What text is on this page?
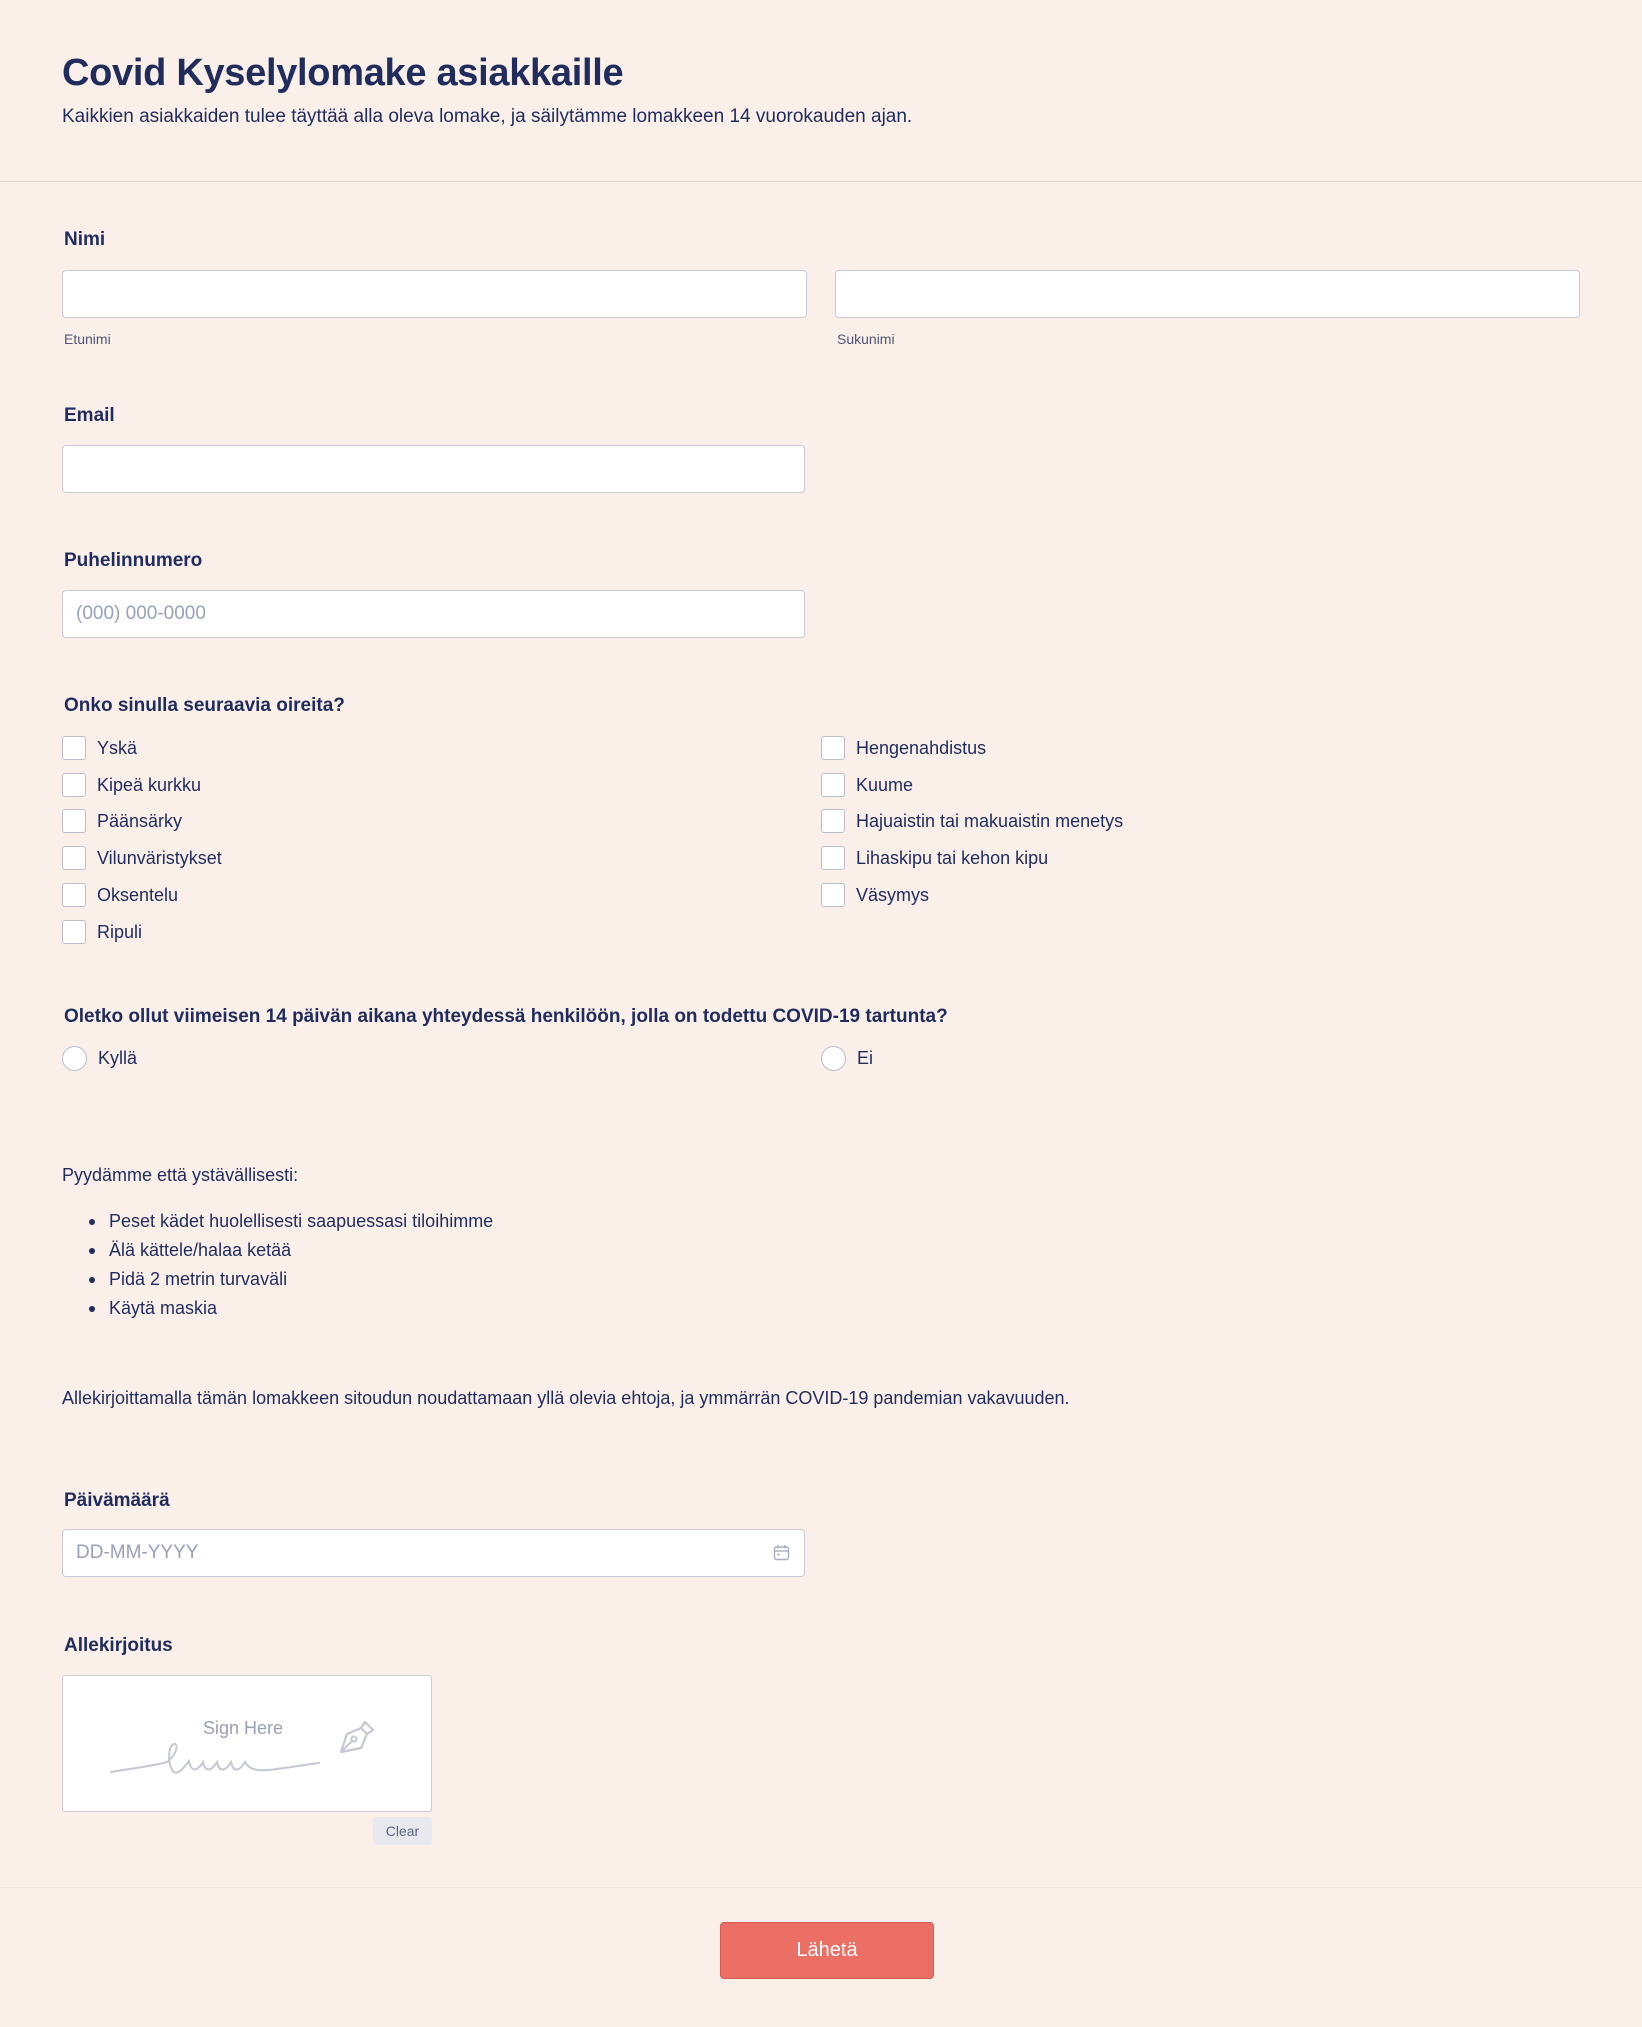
Covid Kyselylomake asiakkaille

Kaikkien asiakkaiden tulee täyttää alla oleva lomake, ja säilytämme lomakkeen 14 vuorokauden ajan.

Nimi
Etunimi	Sukunimi
Email
Puhelinnumero
(000) 000-0000
Onko sinulla seuraavia oireita?
Yskä
Kipeä kurkku
Päänsärky
Vilunväristykset
Oksentelu
Ripuli
Hengenahdistus
Kuume
Hajuaistin tai makuaistin menetys
Lihaskipu tai kehon kipu
Väsymys
Oletko ollut viimeisen 14 päivän aikana yhteydessä henkilöön, jolla on todettu COVID-19 tartunta?
Kyllä	Ei

Pyydämme että ystävällisesti:

Peset kädet huolellisesti saapuessasi tiloihimme
Älä kättele/halaa ketää
Pidä 2 metrin turvaväli
Käytä maskia

Allekirjoittamalla tämän lomakkeen sitoudun noudattamaan yllä olevia ehtoja, ja ymmärrän COVID-19 pandemian vakavuuden.

Päivämäärä
DD-MM-YYYY
Allekirjoitus
Sign Here
Clear
Lähetä
